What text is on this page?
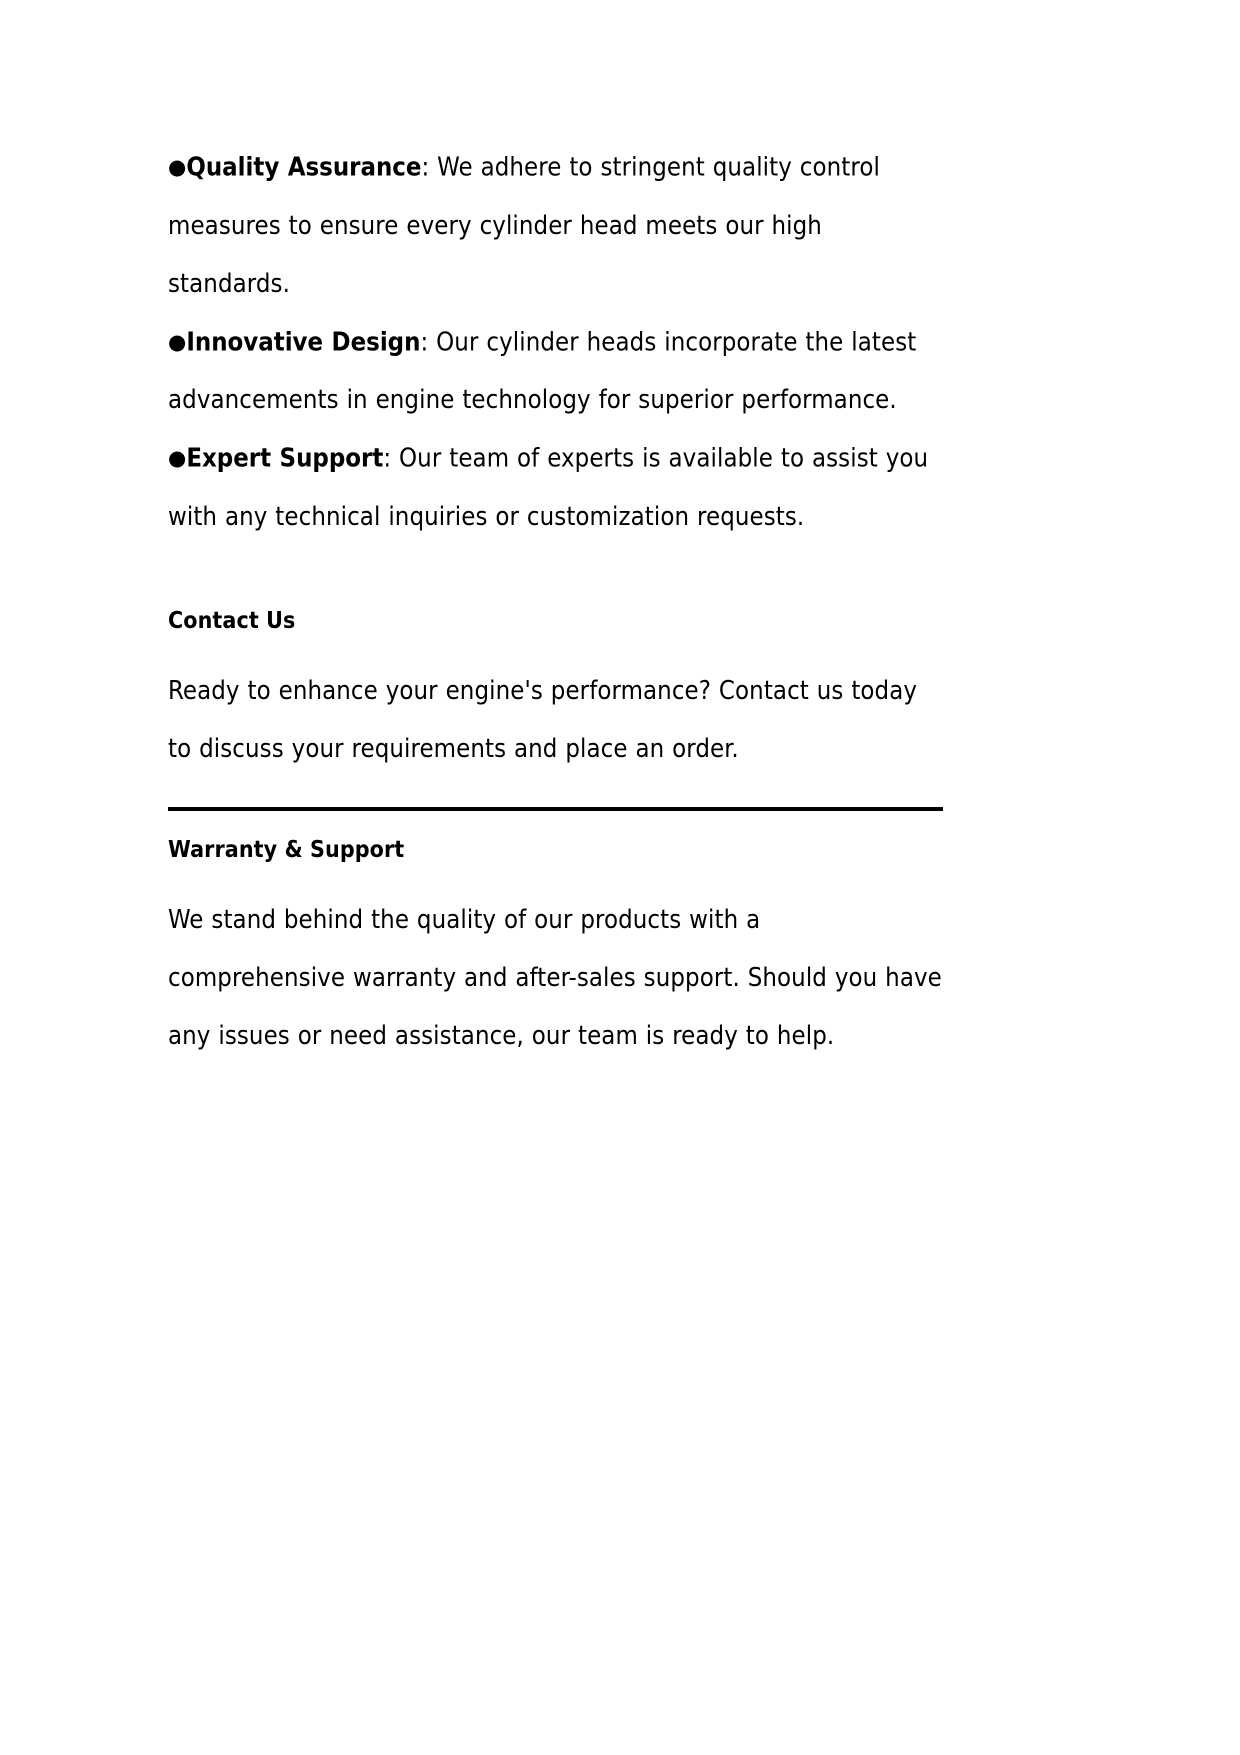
●Quality Assurance: We adhere to stringent quality control measures to ensure every cylinder head meets our high standards.

●Innovative Design: Our cylinder heads incorporate the latest advancements in engine technology for superior performance.

●Expert Support: Our team of experts is available to assist you with any technical inquiries or customization requests.

Contact Us

Ready to enhance your engine's performance? Contact us today to discuss your requirements and place an order.

Warranty & Support

We stand behind the quality of our products with a comprehensive warranty and after-sales support. Should you have any issues or need assistance, our team is ready to help.
